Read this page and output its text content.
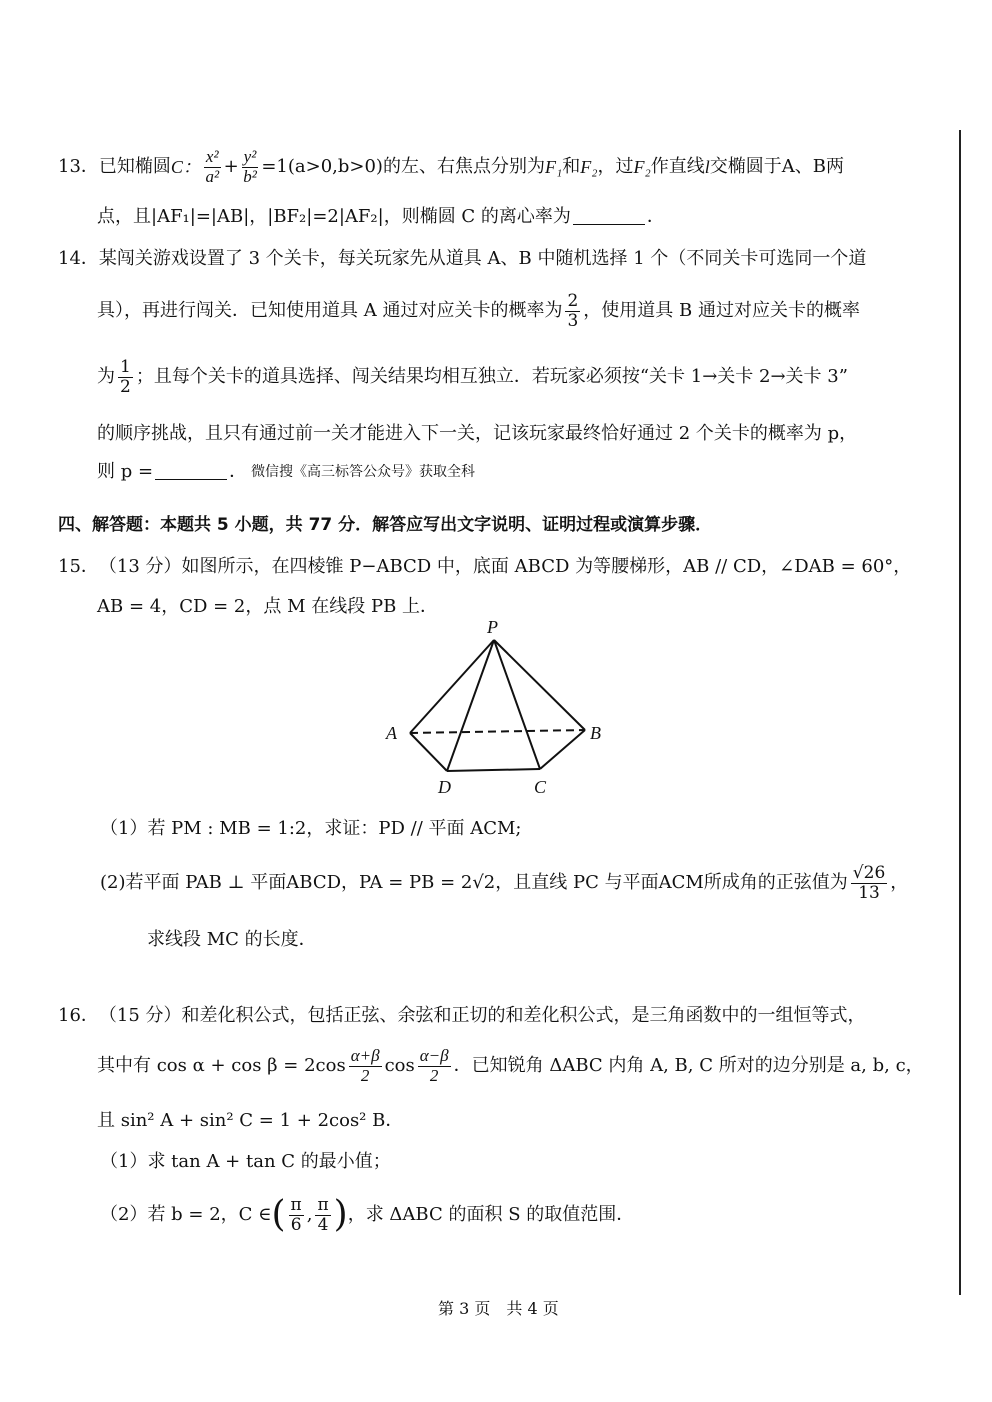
13． 已知椭圆 C： $\frac{\text{x²}}{\text{a²}} + \frac{\text{y²}}{\text{b²}} =1(a>0,b>0)$的左、右焦点分别为 F₁ 和 F₂ ，过 F₂ 作直线 l 交椭圆于A、B两
点，且|AF₁|=|AB|，|BF₂|=2|AF₂|，则椭圆 C 的离心率为	．
14． 某闯关游戏设置了 3 个关卡，每关玩家先从道具 A、B 中随机选择 1 个（不同关卡可选同一个道
具），再进行闯关．已知使用道具 A 通过对应关卡的概率为 $\frac{2}{3}$ ，使用道具 B 通过对应关卡的概率
为 $\frac{1}{2}$ ；且每个关卡的道具选择、闯关结果均相互独立．若玩家必须按“关卡 1→关卡 2→关卡 3”
的顺序挑战，且只有通过前一关才能进入下一关，记该玩家最终恰好通过 2 个关卡的概率为 p，
则 p =	． 微信搜《高三标答公众号》获取全科
四、解答题：本题共 5 小题，共 77 分．解答应写出文字说明、证明过程或演算步骤．
15． （13 分）如图所示，在四棱锥 P−ABCD 中，底面 ABCD 为等腰梯形，AB // CD，∠DAB = 60°，
AB = 4，CD = 2，点 M 在线段 PB 上．
P
A	B
D	C
（1）若 PM : MB = 1:2，求证：PD // 平面 ACM;
(2)若平面 PAB ⊥ 平面ABCD，PA = PB = 2√2，且直线 PC 与平面ACM所成角的正弦值为 $\frac{√26}{13}$ ，
求线段 MC 的长度．
16． （15 分）和差化积公式，包括正弦、余弦和正切的和差化积公式，是三角函数中的一组恒等式，
其中有 $\cos \alpha + \cos \beta = 2\cos \frac{\alpha+\beta}{2}$ $\cos \frac{\alpha-\beta}{2}$ ．已知锐角 ΔABC 内角 A, B, C 所对的边分别是 a, b, c，
且 sin² A + sin² C = 1 + 2cos² B．
（1）求 tan A + tan C 的最小值；
（2）若 b = 2，C ∈ ( $\frac{\pi}{6}$ , $\frac{\pi}{4}$ ) ，求 ΔABC 的面积 S 的取值范围．
第 3 页　共 4 页
